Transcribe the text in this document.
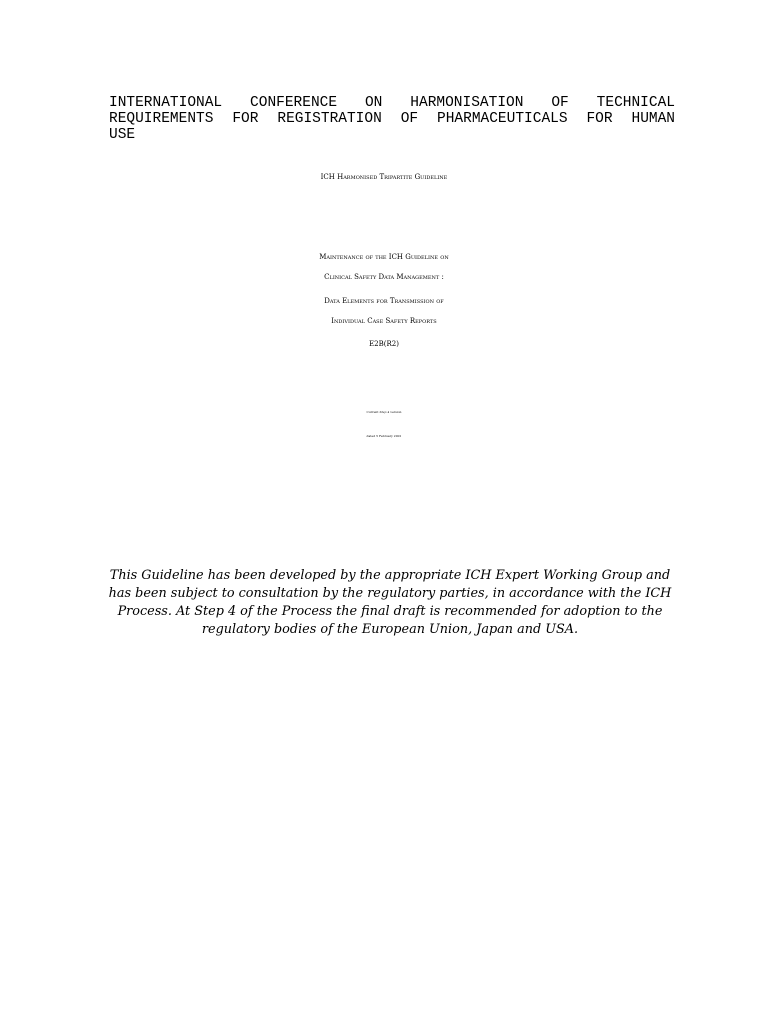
INTERNATIONAL CONFERENCE ON HARMONISATION OF TECHNICAL
REQUIREMENTS FOR REGISTRATION OF PHARMACEUTICALS FOR HUMAN
USE
ICH Harmonised Tripartite Guideline
Maintenance of the ICH Guideline on
Clinical Safety Data Management :
Data Elements for Transmission of
Individual Case Safety Reports
E2B(R2)
Current Step 4 version
dated 5 February 2001
This Guideline has been developed by the appropriate ICH Expert Working Group and
has been subject to consultation by the regulatory parties, in accordance with the ICH
Process. At Step 4 of the Process the final draft is recommended for adoption to the
regulatory bodies of the European Union, Japan and USA.
